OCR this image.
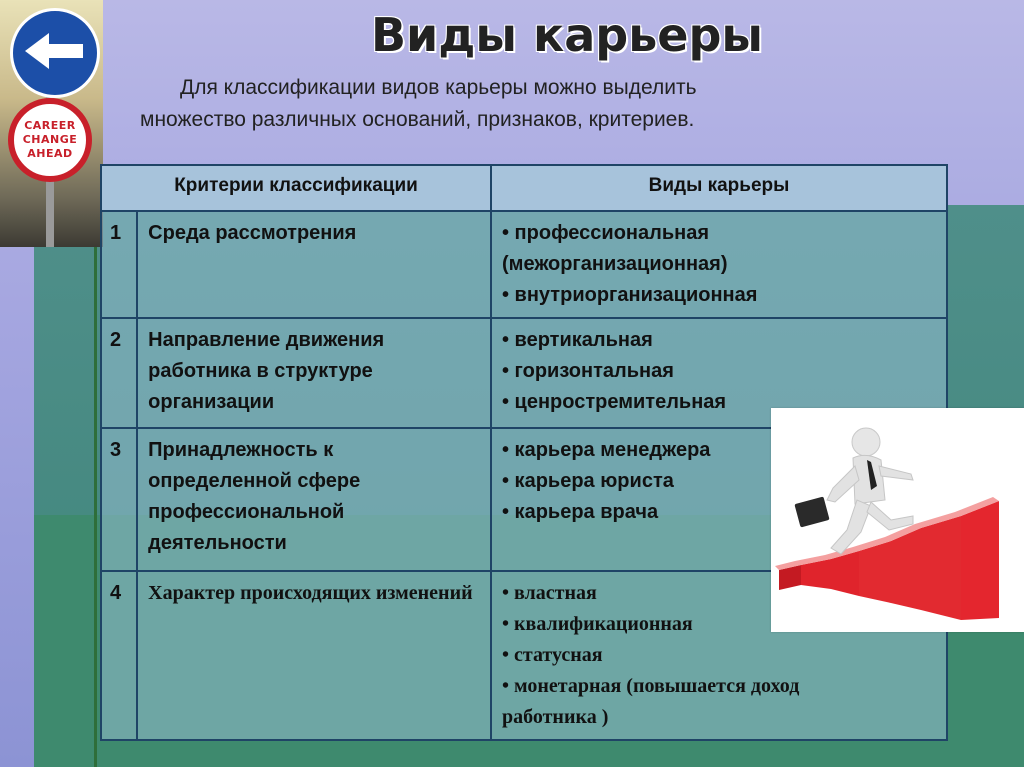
CAREER
CHANGE
AHEAD
Виды карьеры
Для классификации видов карьеры можно выделить
множество различных оснований, признаков, критериев.
Критерии классификации		Виды карьеры
1	Среда рассмотрения	• профессиональная
(межорганизационная)
• внутриорганизационная

2	Направление движения работника в структуре организации	• вертикальная
• горизонтальная
• ценростремительная

3	Принадлежность к определенной сфере профессиональной деятельности	• карьера менеджера
• карьера юриста
• карьера врача

4	Характер происходящих изменений	• властная
• квалификационная
• статусная
• монетарная (повышается доход
работника )
